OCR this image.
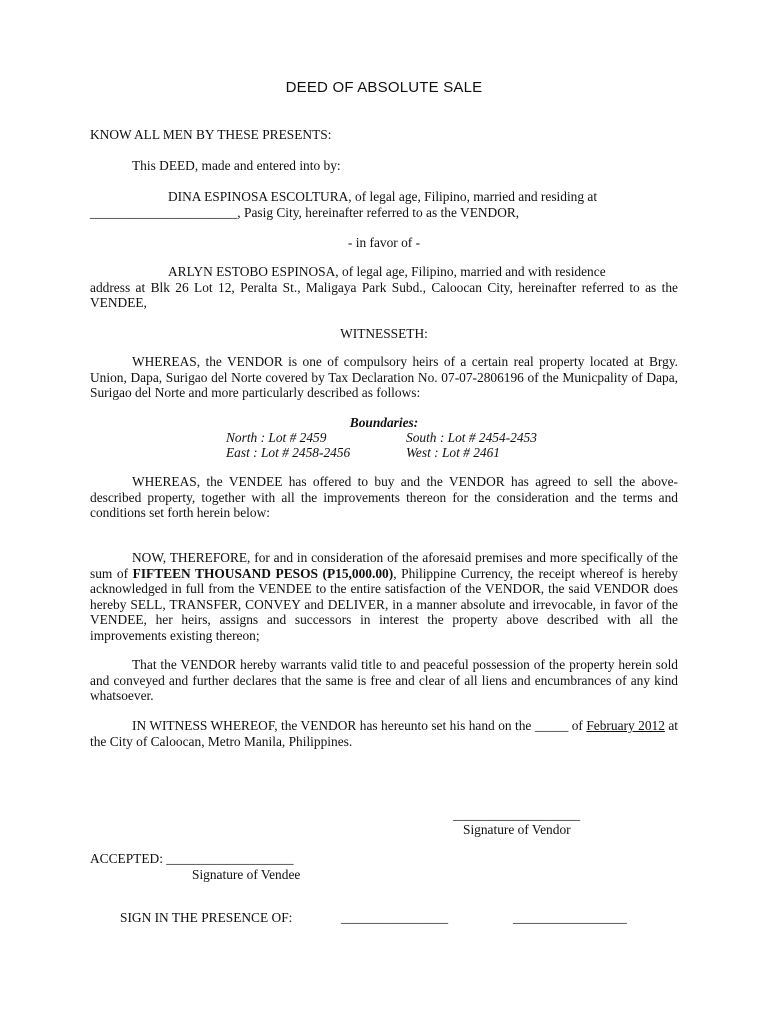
DEED OF ABSOLUTE SALE
KNOW ALL MEN BY THESE PRESENTS:
This DEED, made and entered into by:
DINA ESPINOSA ESCOLTURA, of legal age, Filipino, married and residing at
______________________, Pasig City, hereinafter referred to as the VENDOR,
- in favor of -
ARLYN ESTOBO ESPINOSA, of legal age, Filipino, married and with residence
address at Blk 26 Lot 12, Peralta St., Maligaya Park Subd., Caloocan City, hereinafter referred to as the VENDEE,
WITNESSETH:
WHEREAS, the VENDOR is one of compulsory heirs of a certain real property located at Brgy. Union, Dapa, Surigao del Norte covered by Tax Declaration No. 07-07-2806196 of the Municpality of Dapa, Surigao del Norte and more particularly described as follows:
Boundaries:
North : Lot # 2459	South : Lot # 2454-2453
East : Lot # 2458-2456	West : Lot # 2461
WHEREAS, the VENDEE has offered to buy and the VENDOR has agreed to sell the above-described property, together with all the improvements thereon for the consideration and the terms and conditions set forth herein below:
NOW, THEREFORE, for and in consideration of the aforesaid premises and more specifically of the sum of FIFTEEN THOUSAND PESOS (P15,000.00), Philippine Currency, the receipt whereof is hereby acknowledged in full from the VENDEE to the entire satisfaction of the VENDOR, the said VENDOR does hereby SELL, TRANSFER, CONVEY and DELIVER, in a manner absolute and irrevocable, in favor of the VENDEE, her heirs, assigns and successors in interest the property above described with all the improvements existing thereon;
That the VENDOR hereby warrants valid title to and peaceful possession of the property herein sold and conveyed and further declares that the same is free and clear of all liens and encumbrances of any kind whatsoever.
IN WITNESS WHEREOF, the VENDOR has hereunto set his hand on the _____ of February 2012 at the City of Caloocan, Metro Manila, Philippines.
___________________
Signature of Vendor
ACCEPTED: ___________________
Signature of Vendee
SIGN IN THE PRESENCE OF:	________________	_________________
